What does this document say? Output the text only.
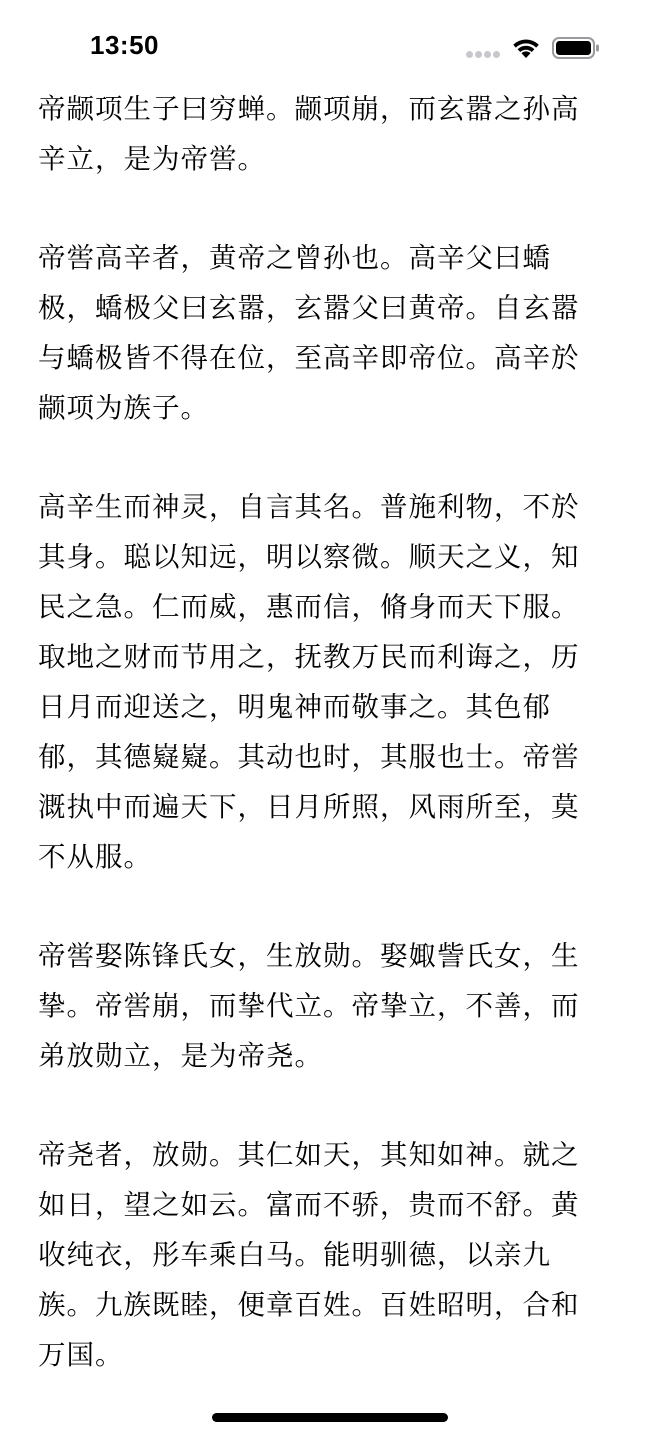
13:50

帝颛项生子曰穷蝉。颛项崩，而玄嚣之孙高
辛立，是为帝喾。

帝喾高辛者，黄帝之曾孙也。高辛父曰蟜
极，蟜极父曰玄嚣，玄嚣父曰黄帝。自玄嚣
与蟜极皆不得在位，至高辛即帝位。高辛於
颛项为族子。

高辛生而神灵，自言其名。普施利物，不於
其身。聪以知远，明以察微。顺天之义，知
民之急。仁而威，惠而信，脩身而天下服。
取地之财而节用之，抚教万民而利诲之，历
日月而迎送之，明鬼神而敬事之。其色郁
郁，其德嶷嶷。其动也时，其服也士。帝喾
溉执中而遍天下，日月所照，风雨所至，莫
不从服。

帝喾娶陈锋氏女，生放勋。娶娵訾氏女，生
挚。帝喾崩，而挚代立。帝挚立，不善，而
弟放勋立，是为帝尧。

帝尧者，放勋。其仁如天，其知如神。就之
如日，望之如云。富而不骄，贵而不舒。黄
收纯衣，彤车乘白马。能明驯德，以亲九
族。九族既睦，便章百姓。百姓昭明，合和
万国。
